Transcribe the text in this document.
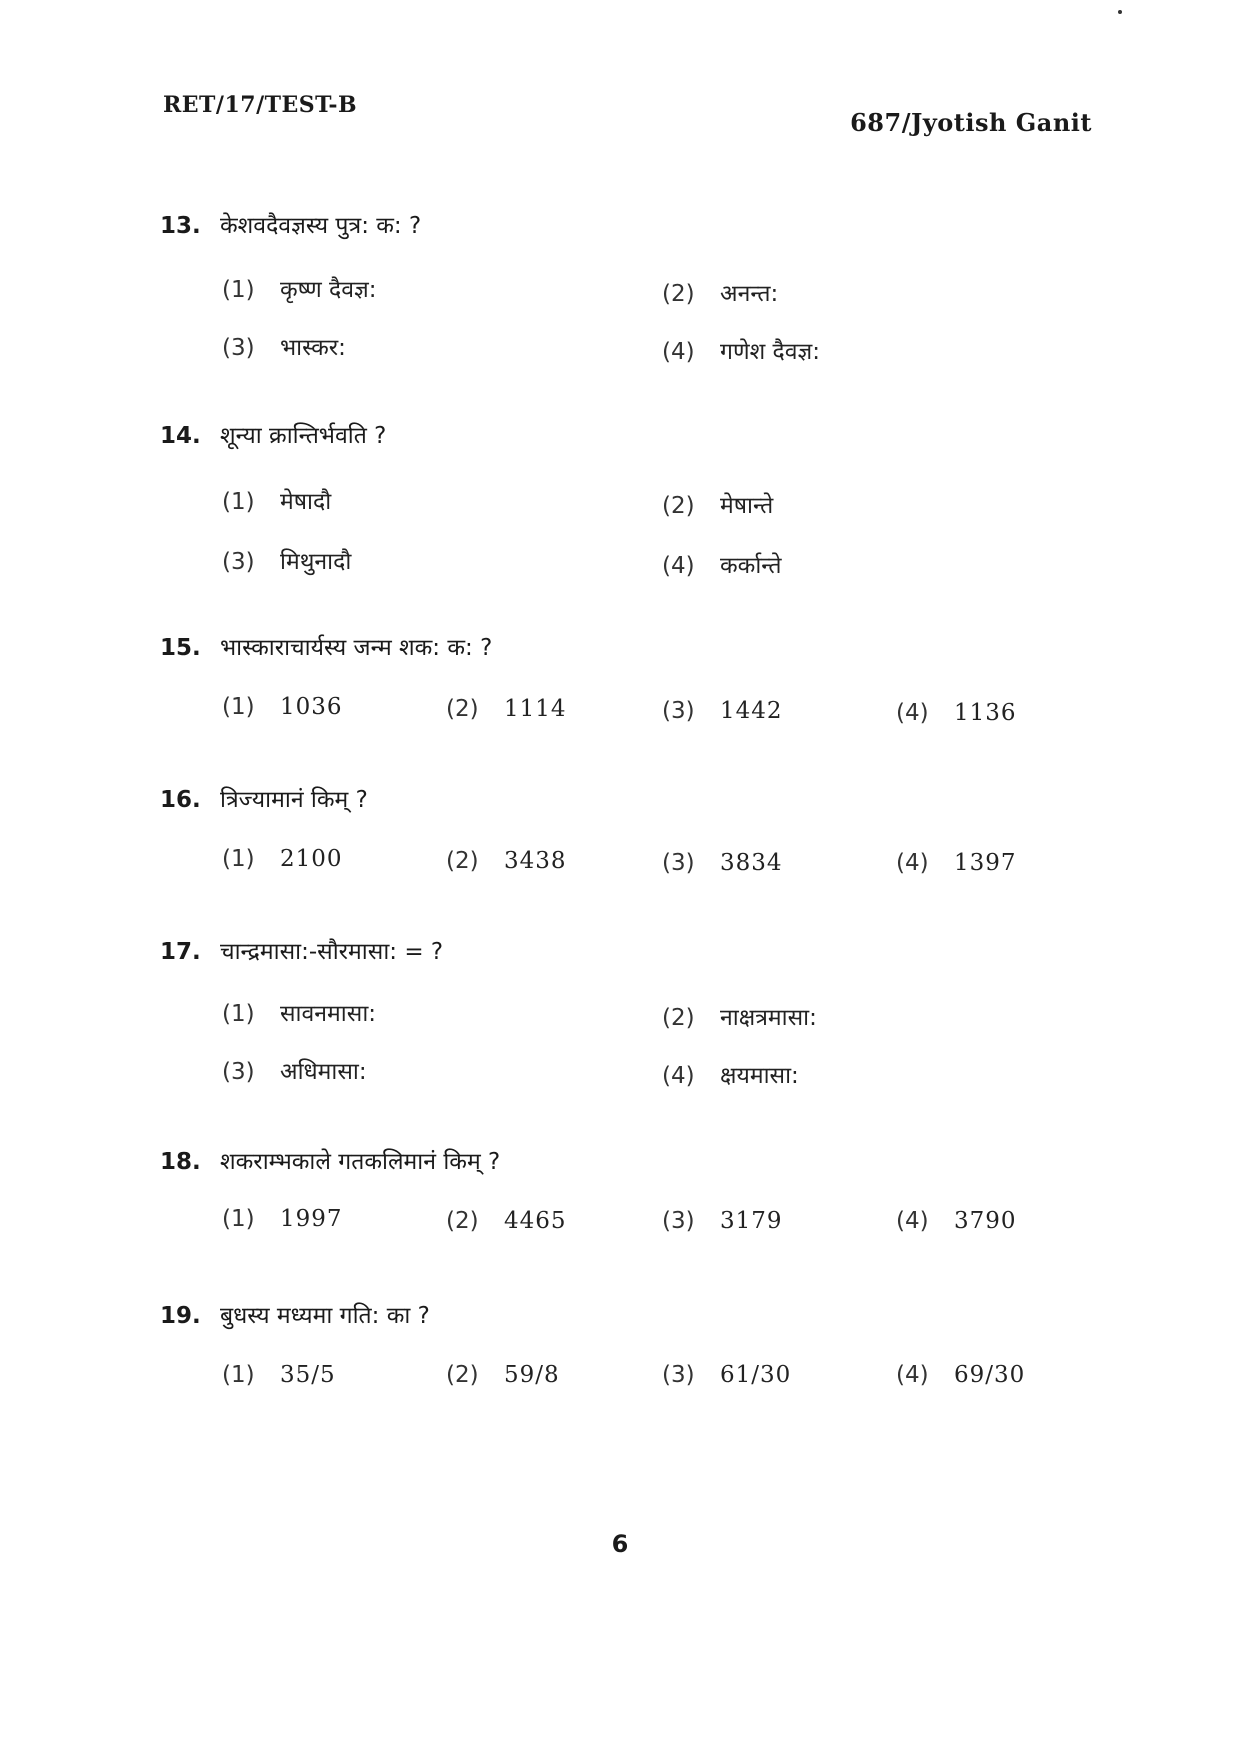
RET/17/TEST-B
687/Jyotish Ganit
13. केशवदैवज्ञस्य पुत्र: क: ?
(1) कृष्ण दैवज्ञ:	(2) अनन्त:
(3) भास्कर:	(4) गणेश दैवज्ञ:
14. शून्या क्रान्तिर्भवति ?
(1) मेषादौ	(2) मेषान्ते
(3) मिथुनादौ	(4) कर्कान्ते
15. भास्काराचार्यस्य जन्म शक: क: ?
(1) 1036	(2) 1114	(3) 1442	(4) 1136
16. त्रिज्यामानं किम् ?
(1) 2100	(2) 3438	(3) 3834	(4) 1397
17. चान्द्रमासा:-सौरमासा: = ?
(1) सावनमासा:	(2) नाक्षत्रमासा:
(3) अधिमासा:	(4) क्षयमासा:
18. शकराम्भकाले गतकलिमानं किम् ?
(1) 1997	(2) 4465	(3) 3179	(4) 3790
19. बुधस्य मध्यमा गति: का ?
(1) 35/5	(2) 59/8	(3) 61/30	(4) 69/30
6
